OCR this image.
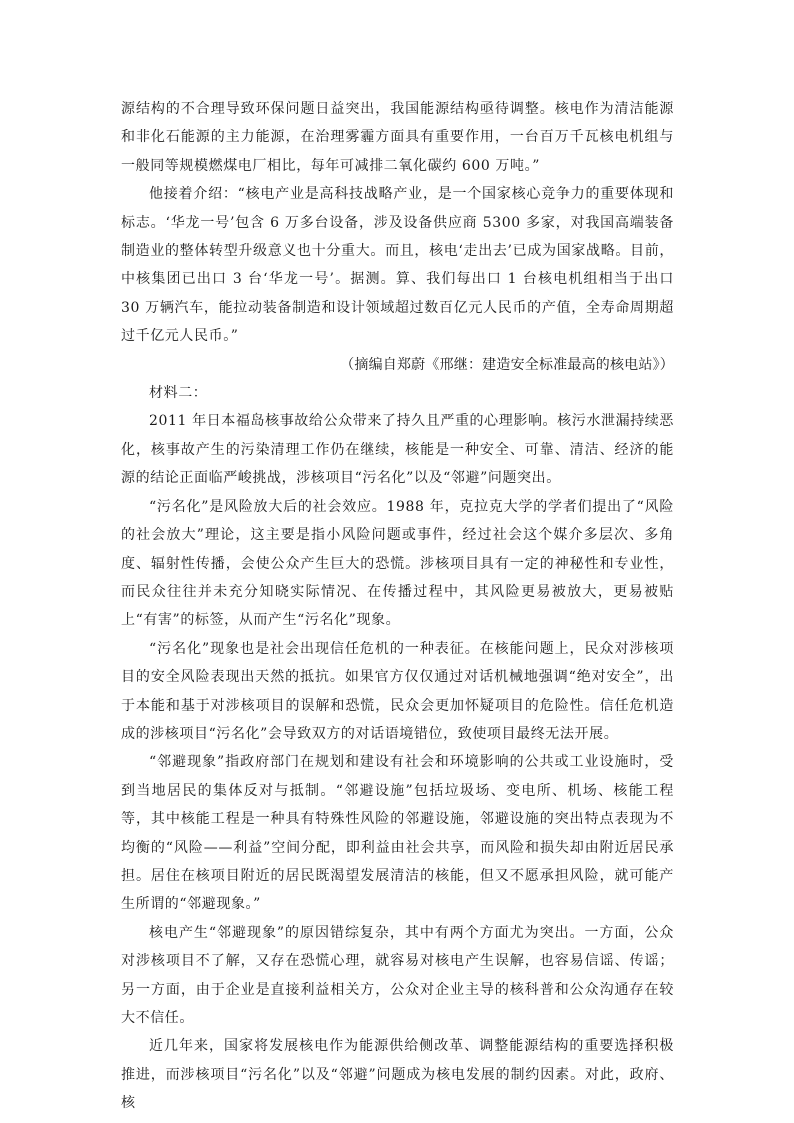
源结构的不合理导致环保问题日益突出，我国能源结构亟待调整。核电作为清洁能源和非化石能源的主力能源，在治理雾霾方面具有重要作用，一台百万千瓦核电机组与一般同等规模燃煤电厂相比，每年可减排二氧化碳约 600 万吨。”

他接着介绍：“核电产业是高科技战略产业，是一个国家核心竞争力的重要体现和标志。‘华龙一号’包含 6 万多台设备，涉及设备供应商 5300 多家，对我国高端装备制造业的整体转型升级意义也十分重大。而且，核电‘走出去’已成为国家战略。目前，中核集团已出口 3 台‘华龙一号’。据测。算、我们每出口 1 台核电机组相当于出口 30 万辆汽车，能拉动装备制造和设计领域超过数百亿元人民币的产值，全寿命周期超过千亿元人民币。”

（摘编自郑蔚《邢继：建造安全标准最高的核电站》）

材料二：

2011 年日本福岛核事故给公众带来了持久且严重的心理影响。核污水泄漏持续恶化，核事故产生的污染清理工作仍在继续，核能是一种安全、可靠、清洁、经济的能源的结论正面临严峻挑战，涉核项目“污名化”以及“邻避”问题突出。

“污名化”是风险放大后的社会效应。1988 年，克拉克大学的学者们提出了“风险的社会放大”理论，这主要是指小风险问题或事件，经过社会这个媒介多层次、多角度、辐射性传播，会使公众产生巨大的恐慌。涉核项目具有一定的神秘性和专业性，而民众往往并未充分知晓实际情况、在传播过程中，其风险更易被放大，更易被贴上“有害”的标签，从而产生“污名化”现象。

“污名化”现象也是社会出现信任危机的一种表征。在核能问题上，民众对涉核项目的安全风险表现出天然的抵抗。如果官方仅仅通过对话机械地强调“绝对安全”，出于本能和基于对涉核项目的误解和恐慌，民众会更加怀疑项目的危险性。信任危机造成的涉核项目“污名化”会导致双方的对话语境错位，致使项目最终无法开展。

“邻避现象”指政府部门在规划和建设有社会和环境影响的公共或工业设施时，受到当地居民的集体反对与抵制。“邻避设施”包括垃圾场、变电所、机场、核能工程等，其中核能工程是一种具有特殊性风险的邻避设施，邻避设施的突出特点表现为不均衡的“风险——利益”空间分配，即利益由社会共享，而风险和损失却由附近居民承担。居住在核项目附近的居民既渴望发展清洁的核能，但又不愿承担风险，就可能产生所谓的“邻避现象。”

核电产生“邻避现象”的原因错综复杂，其中有两个方面尤为突出。一方面，公众对涉核项目不了解，又存在恐慌心理，就容易对核电产生误解，也容易信谣、传谣；另一方面，由于企业是直接利益相关方，公众对企业主导的核科普和公众沟通存在较大不信任。

近几年来，国家将发展核电作为能源供给侧改革、调整能源结构的重要选择积极推进，而涉核项目“污名化”以及“邻避”问题成为核电发展的制约因素。对此，政府、核
